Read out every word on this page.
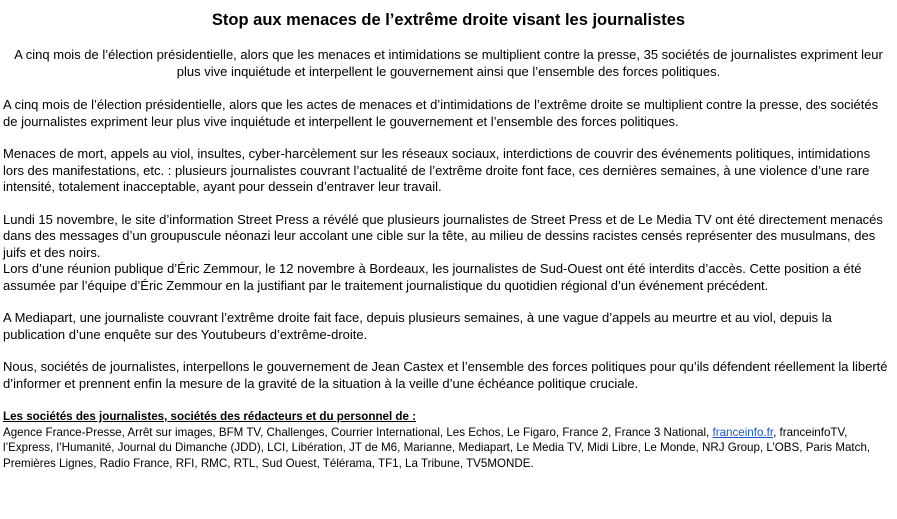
Stop aux menaces de l’extrême droite visant les journalistes

A cinq mois de l’élection présidentielle, alors que les menaces et intimidations se multiplient contre la presse, 35 sociétés de journalistes expriment leur plus vive inquiétude et interpellent le gouvernement ainsi que l’ensemble des forces politiques.

A cinq mois de l’élection présidentielle, alors que les actes de menaces et d’intimidations de l’extrême droite se multiplient contre la presse, des sociétés de journalistes expriment leur plus vive inquiétude et interpellent le gouvernement et l’ensemble des forces politiques.

Menaces de mort, appels au viol, insultes, cyber-harcèlement sur les réseaux sociaux, interdictions de couvrir des événements politiques, intimidations lors des manifestations, etc. : plusieurs journalistes couvrant l’actualité de l’extrême droite font face, ces dernières semaines, à une violence d’une rare intensité, totalement inacceptable, ayant pour dessein d’entraver leur travail.

Lundi 15 novembre, le site d’information Street Press a révélé que plusieurs journalistes de Street Press et de Le Media TV ont été directement menacés dans des messages d’un groupuscule néonazi leur accolant une cible sur la tête, au milieu de dessins racistes censés représenter des musulmans, des juifs et des noirs.

Lors d’une réunion publique d’Éric Zemmour, le 12 novembre à Bordeaux, les journalistes de Sud-Ouest ont été interdits d’accès. Cette position a été assumée par l’équipe d’Éric Zemmour en la justifiant par le traitement journalistique du quotidien régional d’un événement précédent.

A Mediapart, une journaliste couvrant l’extrême droite fait face, depuis plusieurs semaines, à une vague d’appels au meurtre et au viol, depuis la publication d’une enquête sur des Youtubeurs d’extrême-droite.

Nous, sociétés de journalistes, interpellons le gouvernement de Jean Castex et l’ensemble des forces politiques pour qu’ils défendent réellement la liberté d’informer et prennent enfin la mesure de la gravité de la situation à la veille d’une échéance politique cruciale.

Les sociétés des journalistes, sociétés des rédacteurs et du personnel de :
Agence France-Presse, Arrêt sur images, BFM TV, Challenges, Courrier International, Les Echos, Le Figaro, France 2, France 3 National, franceinfo.fr, franceinfoTV, l’Express, l’Humanité, Journal du Dimanche (JDD), LCI, Libération, JT de M6, Marianne, Mediapart, Le Media TV, Midi Libre, Le Monde, NRJ Group, L’OBS, Paris Match, Premières Lignes, Radio France, RFI, RMC, RTL, Sud Ouest, Télérama, TF1, La Tribune, TV5MONDE.
